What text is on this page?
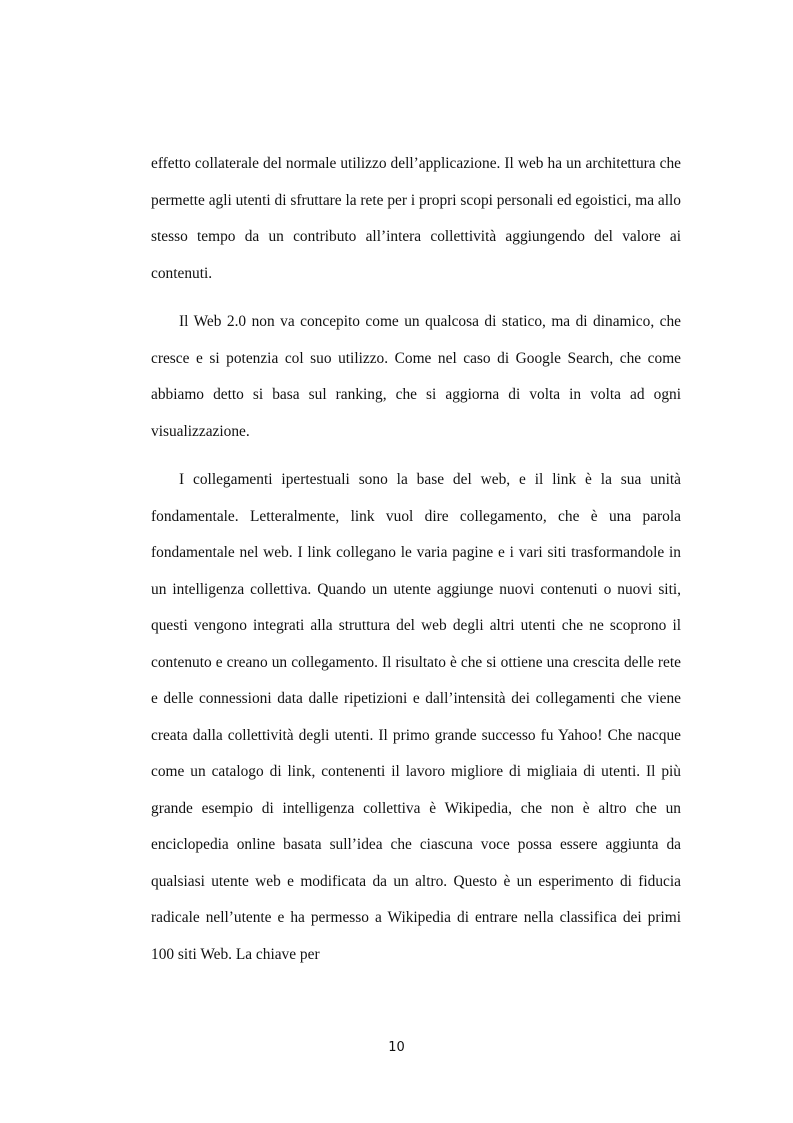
effetto collaterale del normale utilizzo dell’applicazione. Il web ha un architettura che permette agli utenti di sfruttare la rete per i propri scopi personali ed egoistici, ma allo stesso tempo da un contributo all’intera collettività aggiungendo del valore ai contenuti.

Il Web 2.0 non va concepito come un qualcosa di statico, ma di dinamico, che cresce e si potenzia col suo utilizzo. Come nel caso di Google Search, che come abbiamo detto si basa sul ranking, che si aggiorna di volta in volta ad ogni visualizzazione.

I collegamenti ipertestuali sono la base del web, e il link è la sua unità fondamentale. Letteralmente, link vuol dire collegamento, che è una parola fondamentale nel web. I link collegano le varia pagine e i vari siti trasformandole in un intelligenza collettiva. Quando un utente aggiunge nuovi contenuti o nuovi siti, questi vengono integrati alla struttura del web degli altri utenti che ne scoprono il contenuto e creano un collegamento. Il risultato è che si ottiene una crescita delle rete e delle connessioni data dalle ripetizioni e dall’intensità dei collegamenti che viene creata dalla collettività degli utenti. Il primo grande successo fu Yahoo! Che nacque come un catalogo di link, contenenti il lavoro migliore di migliaia di utenti. Il più grande esempio di intelligenza collettiva è Wikipedia, che non è altro che un enciclopedia online basata sull’idea che ciascuna voce possa essere aggiunta da qualsiasi utente web e modificata da un altro. Questo è un esperimento di fiducia radicale nell’utente e ha permesso a Wikipedia di entrare nella classifica dei primi 100 siti Web. La chiave per

10
